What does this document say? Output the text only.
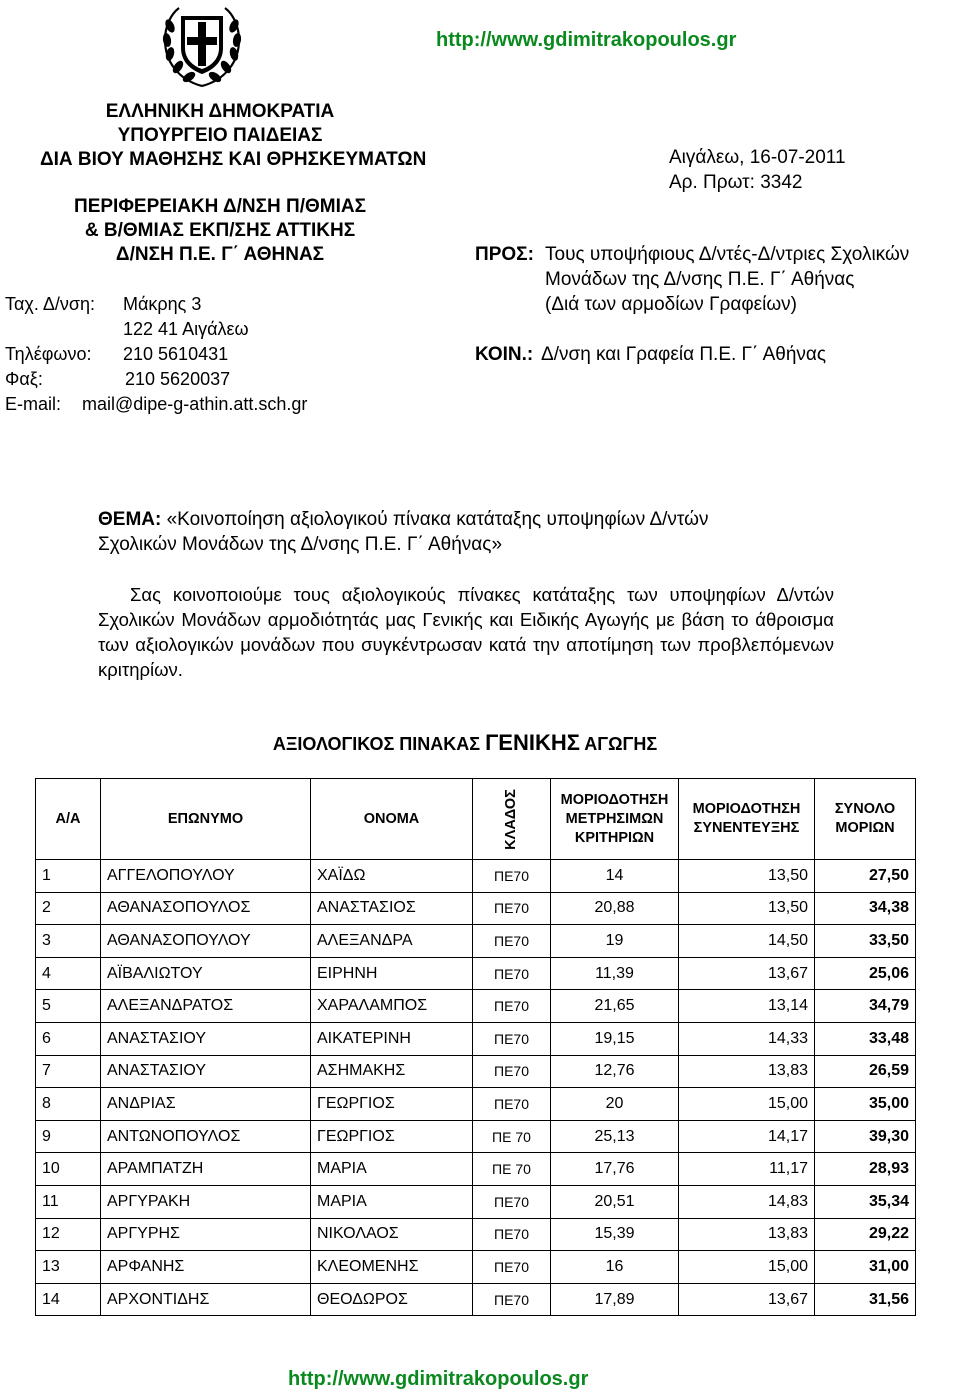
http://www.gdimitrakopoulos.gr
ΕΛΛΗΝΙΚΗ ΔΗΜΟΚΡΑΤΙΑ
ΥΠΟΥΡΓΕΙΟ ΠΑΙΔΕΙΑΣ
ΔΙΑ ΒΙΟΥ ΜΑΘΗΣΗΣ ΚΑΙ ΘΡΗΣΚΕΥΜΑΤΩΝ
ΠΕΡΙΦΕΡΕΙΑΚΗ Δ/ΝΣΗ Π/ΘΜΙΑΣ
& Β/ΘΜΙΑΣ ΕΚΠ/ΣΗΣ ΑΤΤΙΚΗΣ
Δ/ΝΣΗ Π.Ε. Γ΄ ΑΘΗΝΑΣ
Ταχ. Δ/νση: Μάκρης 3
122 41 Αιγάλεω
Τηλέφωνο: 210 5610431
Φαξ:	210 5620037
E-mail: mail@dipe-g-athin.att.sch.gr
Αιγάλεω, 16-07-2011
Αρ. Πρωτ: 3342
ΠΡΟΣ: Τους υποψήφιους Δ/ντές-Δ/ντριες Σχολικών
Μονάδων της Δ/νσης Π.Ε. Γ΄ Αθήνας
(Διά των αρμοδίων Γραφείων)
ΚΟΙΝ.: Δ/νση και Γραφεία Π.Ε. Γ΄ Αθήνας
ΘΕΜΑ: «Κοινοποίηση αξιολογικού πίνακα κατάταξης υποψηφίων Δ/ντών
Σχολικών Μονάδων της Δ/νσης Π.Ε. Γ΄ Αθήνας»
Σας κοινοποιούμε τους αξιολογικούς πίνακες κατάταξης των υποψηφίων Δ/ντών Σχολικών Μονάδων αρμοδιότητάς μας Γενικής και Ειδικής Αγωγής με βάση το άθροισμα των αξιολογικών μονάδων που συγκέντρωσαν κατά την αποτίμηση των προβλεπόμενων κριτηρίων.
ΑΞΙΟΛΟΓΙΚΟΣ ΠΙΝΑΚΑΣ ΓΕΝΙΚΗΣ ΑΓΩΓΗΣ
Α/Α	ΕΠΩΝΥΜΟ	ΟΝΟΜΑ	ΚΛΑΔΟΣ	ΜΟΡΙΟΔΟΤΗΣΗ ΜΕΤΡΗΣΙΜΩΝ ΚΡΙΤΗΡΙΩΝ	ΜΟΡΙΟΔΟΤΗΣΗ ΣΥΝΕΝΤΕΥΞΗΣ	ΣΥΝΟΛΟ ΜΟΡΙΩΝ
1	ΑΓΓΕΛΟΠΟΥΛΟΥ	ΧΑΪΔΩ	ΠΕ70	14	13,50	27,50
2	ΑΘΑΝΑΣΟΠΟΥΛΟΣ	ΑΝΑΣΤΑΣΙΟΣ	ΠΕ70	20,88	13,50	34,38
3	ΑΘΑΝΑΣΟΠΟΥΛΟΥ	ΑΛΕΞΑΝΔΡΑ	ΠΕ70	19	14,50	33,50
4	ΑΪΒΑΛΙΩΤΟΥ	ΕΙΡΗΝΗ	ΠΕ70	11,39	13,67	25,06
5	ΑΛΕΞΑΝΔΡΑΤΟΣ	ΧΑΡΑΛΑΜΠΟΣ	ΠΕ70	21,65	13,14	34,79
6	ΑΝΑΣΤΑΣΙΟΥ	ΑΙΚΑΤΕΡΙΝΗ	ΠΕ70	19,15	14,33	33,48
7	ΑΝΑΣΤΑΣΙΟΥ	ΑΣΗΜΑΚΗΣ	ΠΕ70	12,76	13,83	26,59
8	ΑΝΔΡΙΑΣ	ΓΕΩΡΓΙΟΣ	ΠΕ70	20	15,00	35,00
9	ΑΝΤΩΝΟΠΟΥΛΟΣ	ΓΕΩΡΓΙΟΣ	ΠΕ 70	25,13	14,17	39,30
10	ΑΡΑΜΠΑΤΖΗ	ΜΑΡΙΑ	ΠΕ 70	17,76	11,17	28,93
11	ΑΡΓΥΡΑΚΗ	ΜΑΡΙΑ	ΠΕ70	20,51	14,83	35,34
12	ΑΡΓΥΡΗΣ	ΝΙΚΟΛΑΟΣ	ΠΕ70	15,39	13,83	29,22
13	ΑΡΦΑΝΗΣ	ΚΛΕΟΜΕΝΗΣ	ΠΕ70	16	15,00	31,00
14	ΑΡΧΟΝΤΙΔΗΣ	ΘΕΟΔΩΡΟΣ	ΠΕ70	17,89	13,67	31,56
http://www.gdimitrakopoulos.gr
